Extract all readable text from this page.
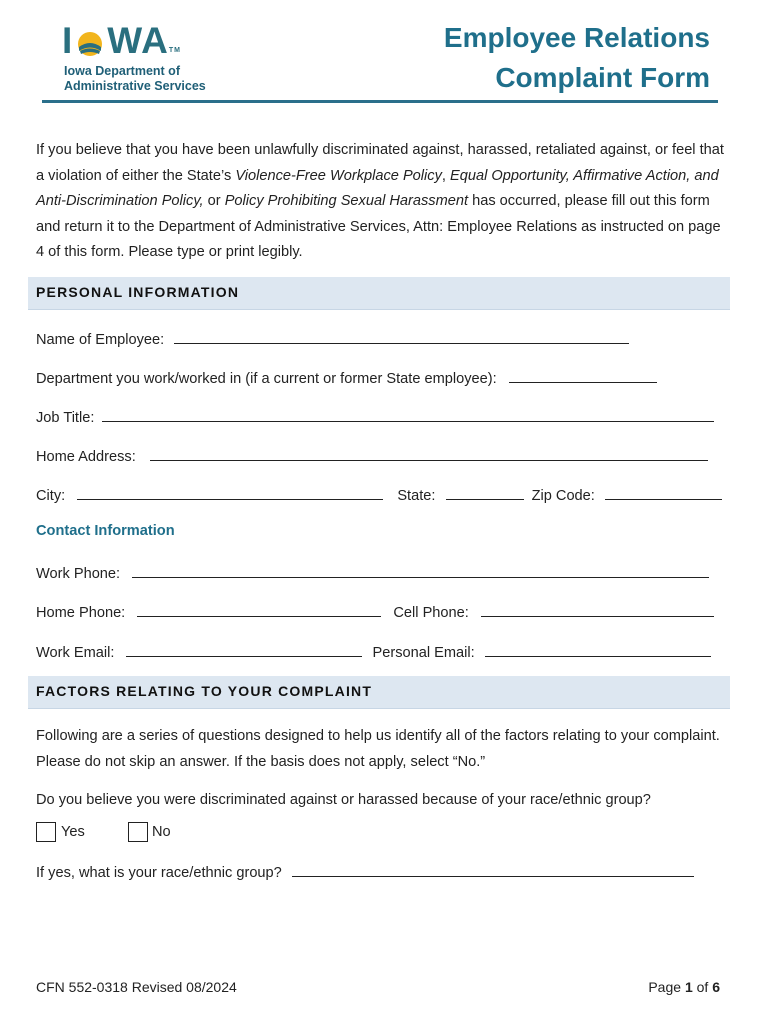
I WA TM
Iowa Department of
Administrative Services
Employee Relations
Complaint Form
If you believe that you have been unlawfully discriminated against, harassed, retaliated against, or feel that a violation of either the State’s Violence-Free Workplace Policy, Equal Opportunity, Affirmative Action, and Anti-Discrimination Policy, or Policy Prohibiting Sexual Harassment has occurred, please fill out this form and return it to the Department of Administrative Services, Attn: Employee Relations as instructed on page 4 of this form. Please type or print legibly.
PERSONAL INFORMATION
Name of Employee:
Department you work/worked in (if a current or former State employee):
Job Title:
Home Address:
City:	State:	Zip Code:
Contact Information
Work Phone:
Home Phone:	Cell Phone:
Work Email:	Personal Email:
FACTORS RELATING TO YOUR COMPLAINT
Following are a series of questions designed to help us identify all of the factors relating to your complaint. Please do not skip an answer. If the basis does not apply, select “No.”
Do you believe you were discriminated against or harassed because of your race/ethnic group?
Yes	No
If yes, what is your race/ethnic group?
CFN 552-0318 Revised 08/2024	Page 1 of 6
